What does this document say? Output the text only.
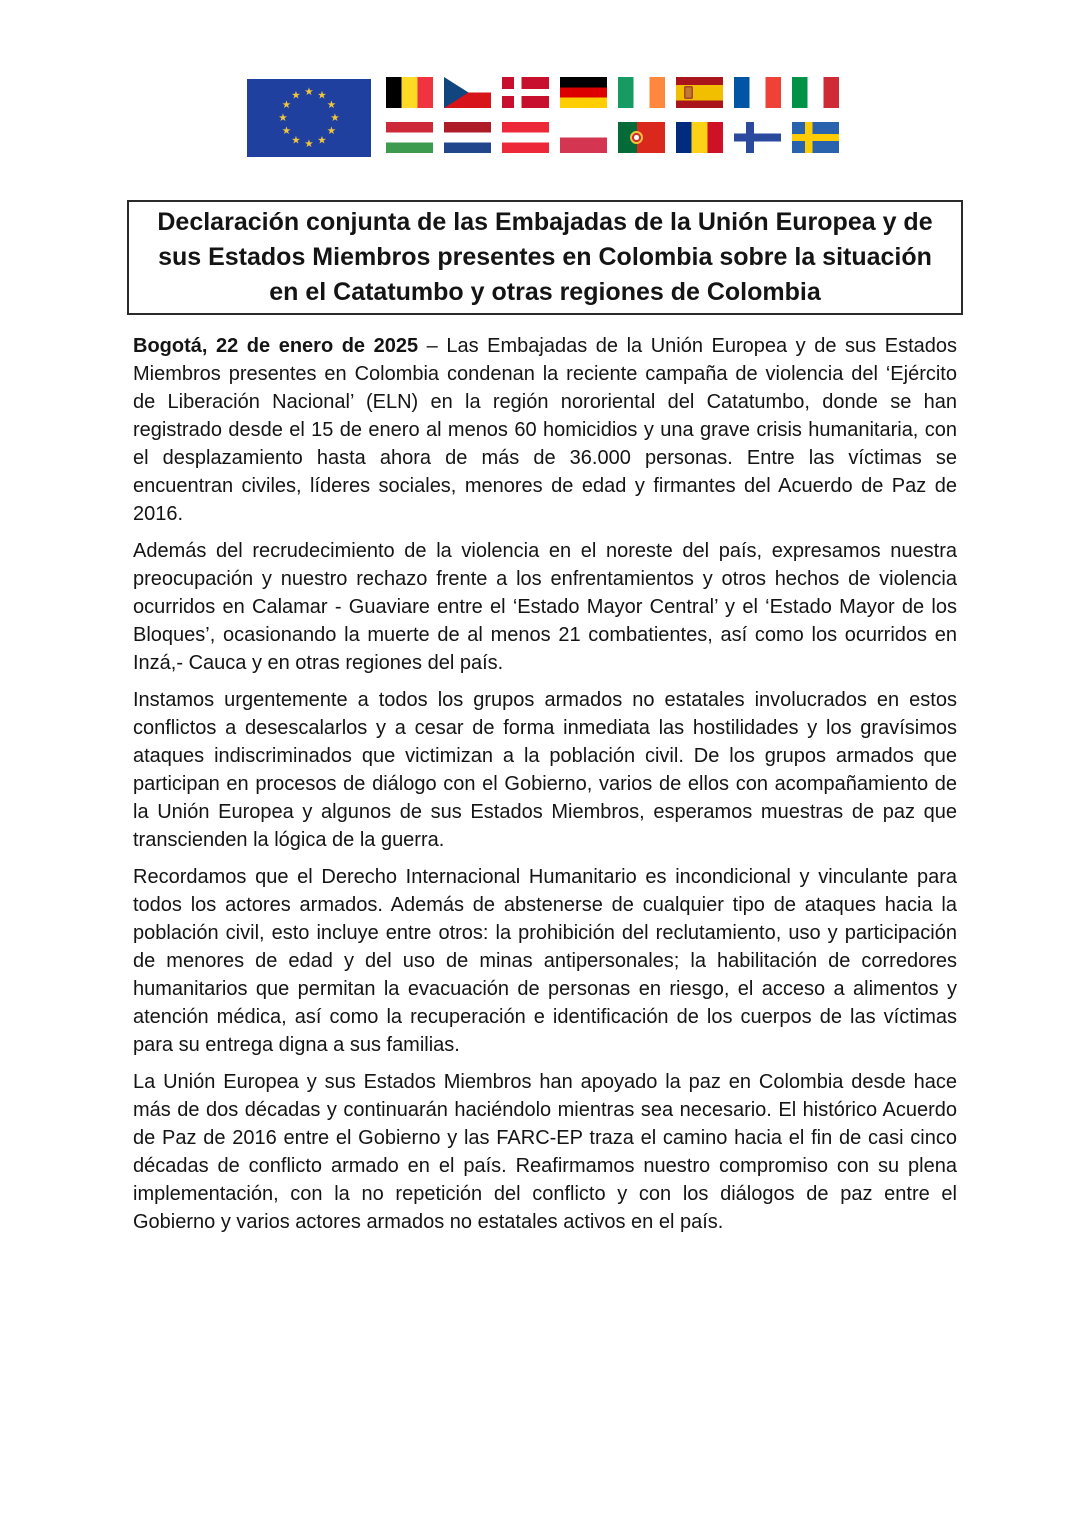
★ ★
★
★
★
★
★
★
★
★
★
★
Declaración conjunta de las Embajadas de la Unión Europea y de
sus Estados Miembros presentes en Colombia sobre la situación
en el Catatumbo y otras regiones de Colombia

Bogotá, 22 de enero de 2025 – Las Embajadas de la Unión Europea y de sus Estados Miembros presentes en Colombia condenan la reciente campaña de violencia del ‘Ejército de Liberación Nacional’ (ELN) en la región nororiental del Catatumbo, donde se han registrado desde el 15 de enero al menos 60 homicidios y una grave crisis humanitaria, con el desplazamiento hasta ahora de más de 36.000 personas. Entre las víctimas se encuentran civiles, líderes sociales, menores de edad y firmantes del Acuerdo de Paz de 2016.

Además del recrudecimiento de la violencia en el noreste del país, expresamos nuestra preocupación y nuestro rechazo frente a los enfrentamientos y otros hechos de violencia ocurridos en Calamar - Guaviare entre el ‘Estado Mayor Central’ y el ‘Estado Mayor de los Bloques’, ocasionando la muerte de al menos 21 combatientes, así como los ocurridos en Inzá,- Cauca y en otras regiones del país.

Instamos urgentemente a todos los grupos armados no estatales involucrados en estos conflictos a desescalarlos y a cesar de forma inmediata las hostilidades y los gravísimos ataques indiscriminados que victimizan a la población civil. De los grupos armados que participan en procesos de diálogo con el Gobierno, varios de ellos con acompañamiento de la Unión Europea y algunos de sus Estados Miembros, esperamos muestras de paz que transcienden la lógica de la guerra.

Recordamos que el Derecho Internacional Humanitario es incondicional y vinculante para todos los actores armados. Además de abstenerse de cualquier tipo de ataques hacia la población civil, esto incluye entre otros: la prohibición del reclutamiento, uso y participación de menores de edad y del uso de minas antipersonales; la habilitación de corredores humanitarios que permitan la evacuación de personas en riesgo, el acceso a alimentos y atención médica, así como la recuperación e identificación de los cuerpos de las víctimas para su entrega digna a sus familias.

La Unión Europea y sus Estados Miembros han apoyado la paz en Colombia desde hace más de dos décadas y continuarán haciéndolo mientras sea necesario. El histórico Acuerdo de Paz de 2016 entre el Gobierno y las FARC-EP traza el camino hacia el fin de casi cinco décadas de conflicto armado en el país. Reafirmamos nuestro compromiso con su plena implementación, con la no repetición del conflicto y con los diálogos de paz entre el Gobierno y varios actores armados no estatales activos en el país.
